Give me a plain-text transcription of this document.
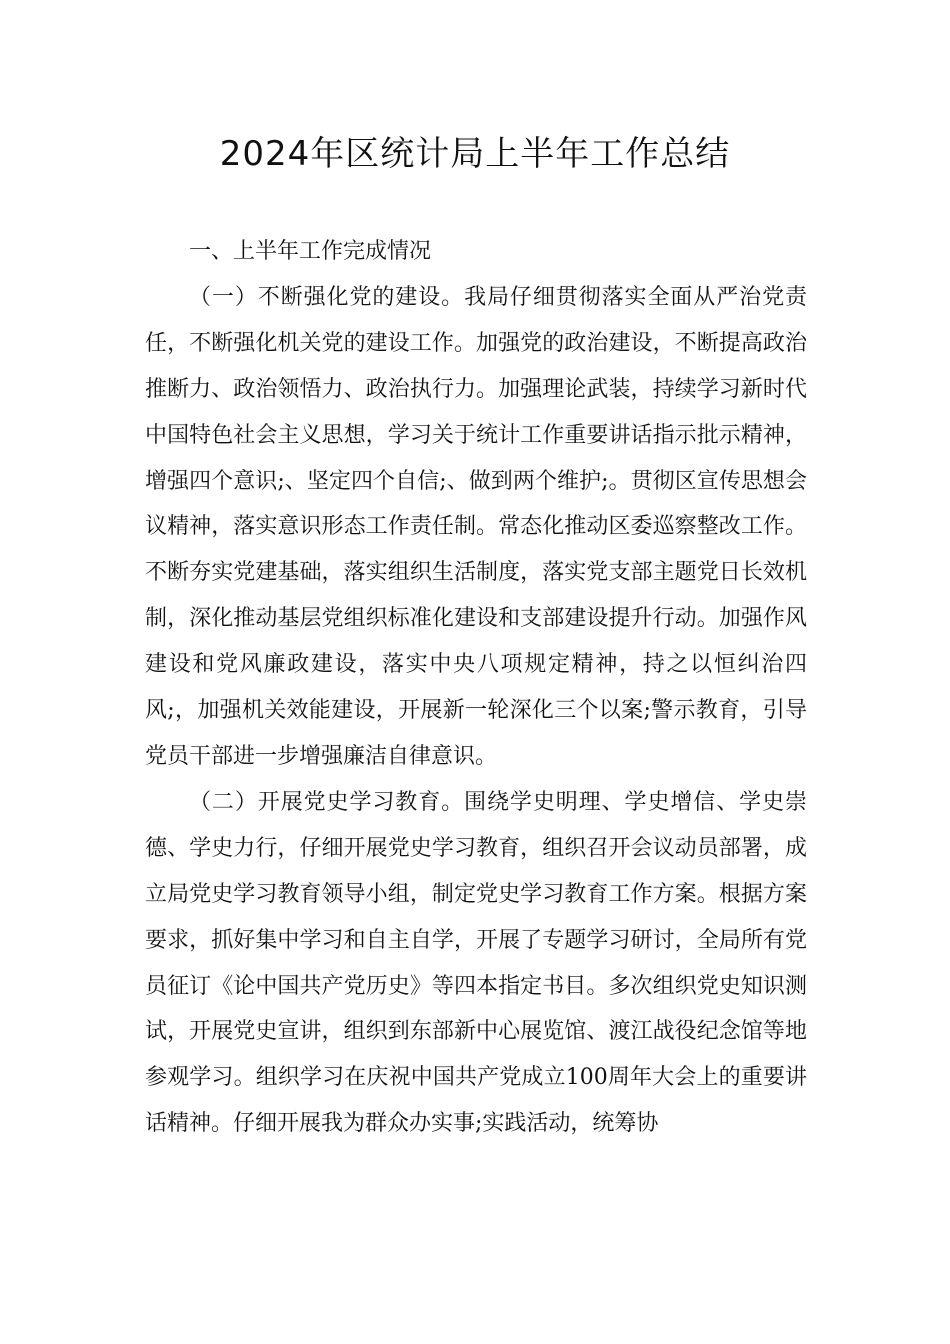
2024年区统计局上半年工作总结

一、上半年工作完成情况

（一）不断强化党的建设。我局仔细贯彻落实全面从严治党责任，不断强化机关党的建设工作。加强党的政治建设，不断提高政治推断力、政治领悟力、政治执行力。加强理论武装，持续学习新时代中国特色社会主义思想，学习关于统计工作重要讲话指示批示精神，增强四个意识;、坚定四个自信;、做到两个维护;。贯彻区宣传思想会议精神，落实意识形态工作责任制。常态化推动区委巡察整改工作。不断夯实党建基础，落实组织生活制度，落实党支部主题党日长效机制，深化推动基层党组织标准化建设和支部建设提升行动。加强作风建设和党风廉政建设，落实中央八项规定精神，持之以恒纠治四风;，加强机关效能建设，开展新一轮深化三个以案;警示教育，引导党员干部进一步增强廉洁自律意识。

（二）开展党史学习教育。围绕学史明理、学史增信、学史崇德、学史力行，仔细开展党史学习教育，组织召开会议动员部署，成立局党史学习教育领导小组，制定党史学习教育工作方案。根据方案要求，抓好集中学习和自主自学，开展了专题学习研讨，全局所有党员征订《论中国共产党历史》等四本指定书目。多次组织党史知识测试，开展党史宣讲，组织到东部新中心展览馆、渡江战役纪念馆等地参观学习。组织学习在庆祝中国共产党成立100周年大会上的重要讲话精神。仔细开展我为群众办实事;实践活动，统筹协
